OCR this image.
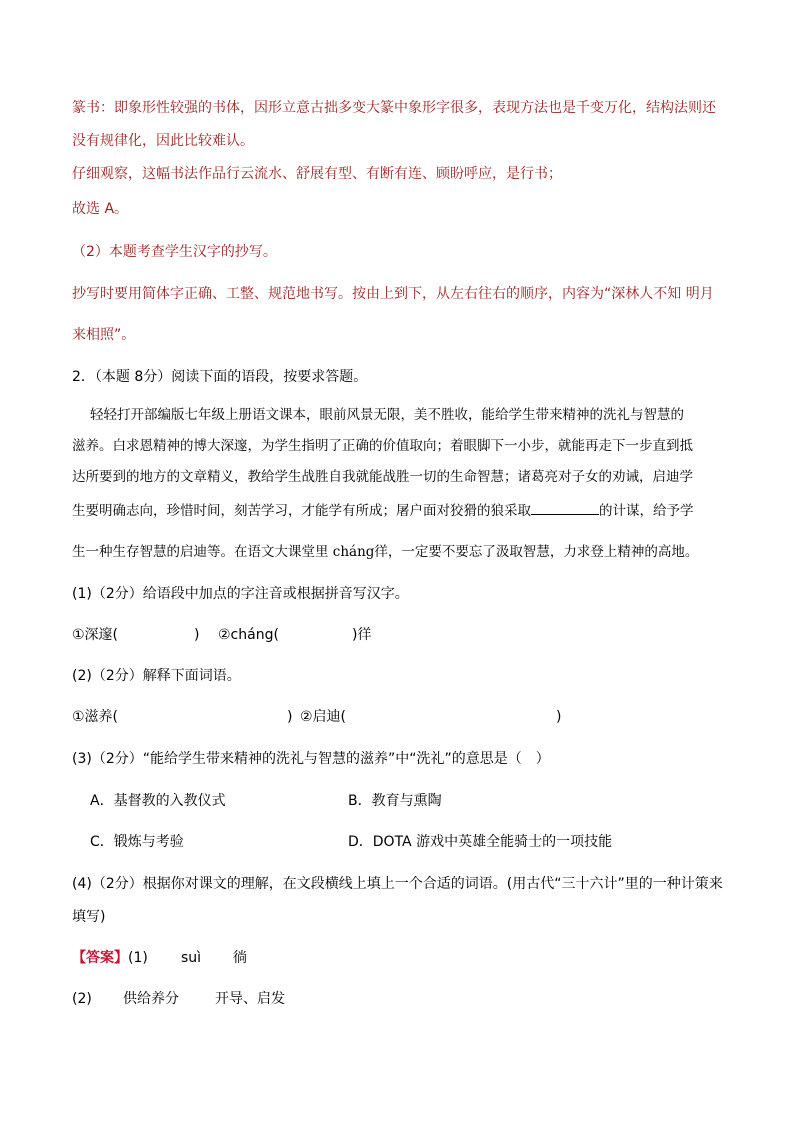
篆书：即象形性较强的书体，因形立意古拙多变大篆中象形字很多，表现方法也是千变万化，结构法则还
没有规律化，因此比较难认。
仔细观察，这幅书法作品行云流水、舒展有型、有断有连、顾盼呼应，是行书；
故选 A。
（2）本题考查学生汉字的抄写。
抄写时要用简体字正确、工整、规范地书写。按由上到下，从左右往右的顺序，内容为“深林人不知 明月
来相照”。
2．（本题 8分）阅读下面的语段，按要求答题。
轻轻打开部编版七年级上册语文课本，眼前风景无限，美不胜收，能给学生带来精神的洗礼与智慧的
滋养。白求恩精神的博大深邃，为学生指明了正确的价值取向；着眼脚下一小步，就能再走下一步直到抵
达所要到的地方的文章精义，教给学生战胜自我就能战胜一切的生命智慧；诸葛亮对子女的劝诫，启迪学
生要明确志向，珍惜时间，刻苦学习，才能学有所成；屠户面对狡猾的狼采取	的计谋，给予学
生一种生存智慧的启迪等。在语文大课堂里 cháng徉，一定要不要忘了汲取智慧，力求登上精神的高地。
(1)（2分）给语段中加点的字注音或根据拼音写汉字。
①深邃(	) ②cháng(	)徉
(2)（2分）解释下面词语。
①滋养(	) ②启迪(	)
(3)（2分）“能给学生带来精神的洗礼与智慧的滋养”中“洗礼”的意思是（　）
A．基督教的入教仪式	B．教育与熏陶
C．锻炼与考验	D．DOTA 游戏中英雄全能骑士的一项技能
(4)（2分）根据你对课文的理解，在文段横线上填上一个合适的词语。(用古代“三十六计”里的一种计策来
填写)
【答案】(1) suì 徜
(2) 供给养分	开导、启发
